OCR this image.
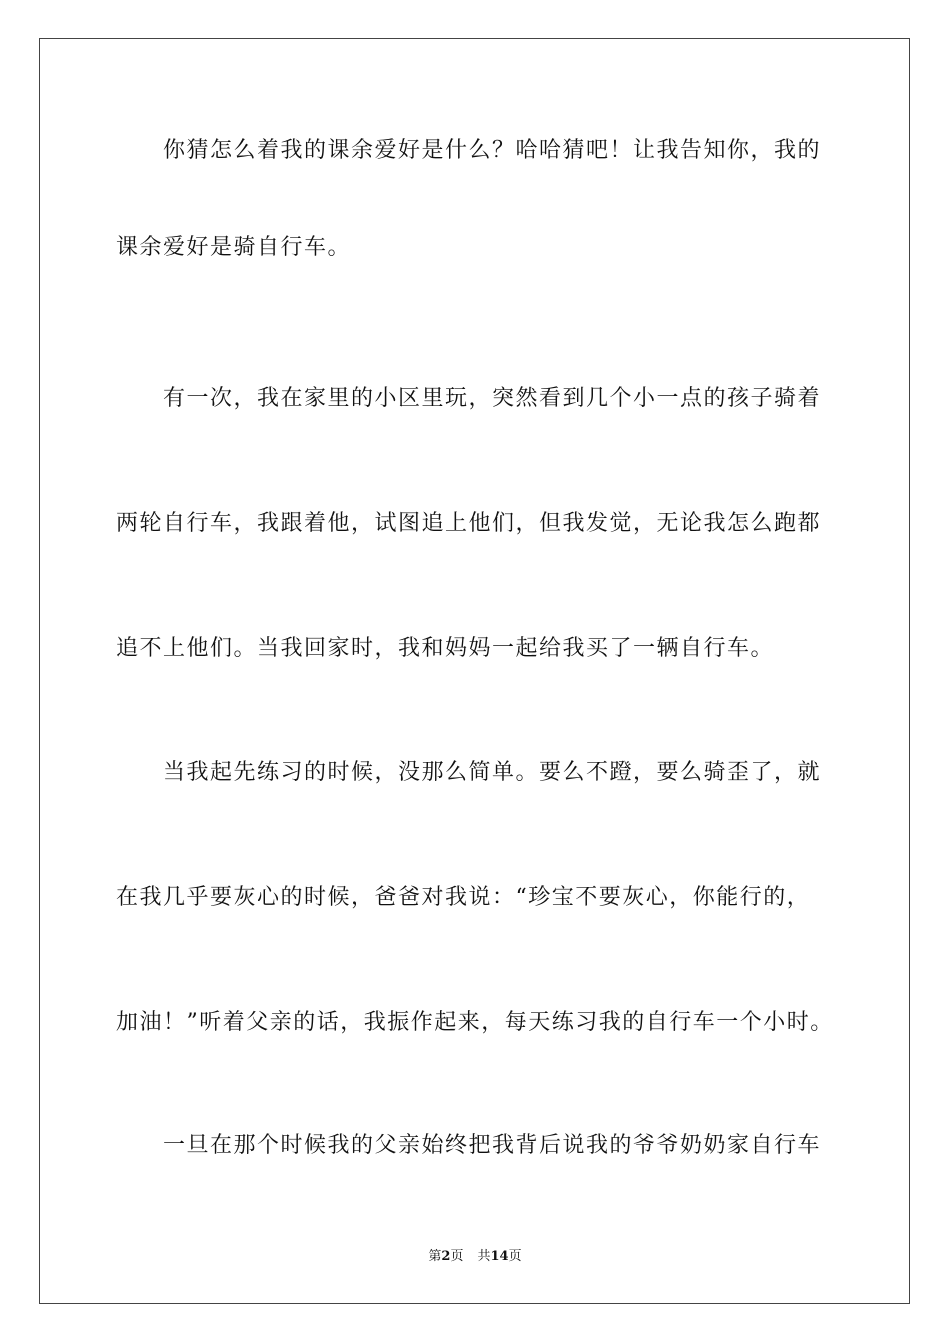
你猜怎么着我的课余爱好是什么？哈哈猜吧！让我告知你，我的
课余爱好是骑自行车。
有一次，我在家里的小区里玩，突然看到几个小一点的孩子骑着
两轮自行车，我跟着他，试图追上他们，但我发觉，无论我怎么跑都
追不上他们。当我回家时，我和妈妈一起给我买了一辆自行车。
当我起先练习的时候，没那么简单。要么不蹬，要么骑歪了，就
在我几乎要灰心的时候，爸爸对我说：“珍宝不要灰心，你能行的，
加油！”听着父亲的话，我振作起来，每天练习我的自行车一个小时。
一旦在那个时候我的父亲始终把我背后说我的爷爷奶奶家自行车
第2页 共14页
